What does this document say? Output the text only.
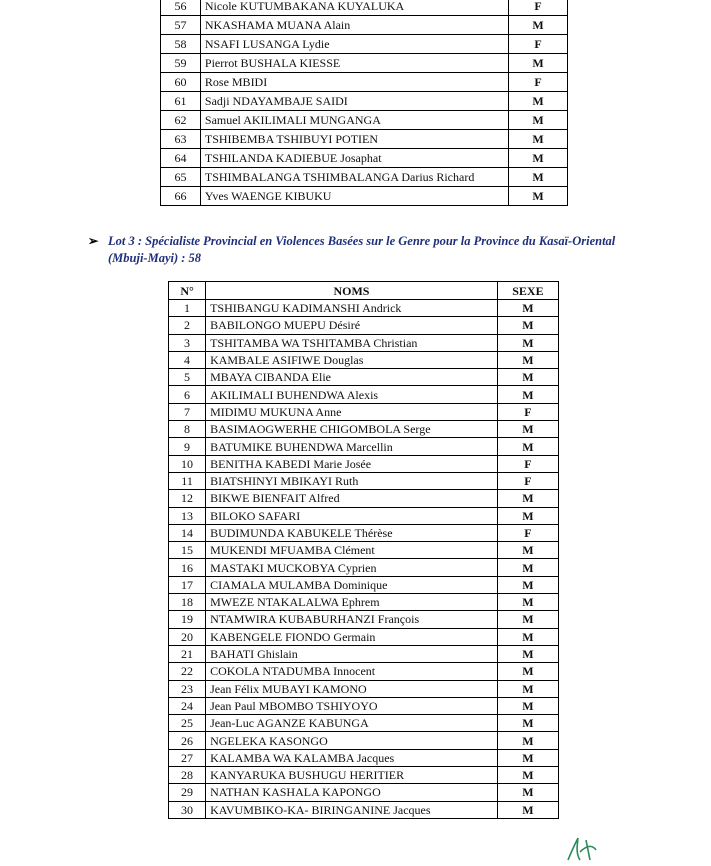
56	Nicole KUTUMBAKANA KUYALUKA	F
57	NKASHAMA MUANA Alain	M
58	NSAFI LUSANGA Lydie	F
59	Pierrot BUSHALA KIESSE	M
60	Rose MBIDI	F
61	Sadji NDAYAMBAJE SAIDI	M
62	Samuel AKILIMALI MUNGANGA	M
63	TSHIBEMBA TSHIBUYI POTIEN	M
64	TSHILANDA KADIEBUE Josaphat	M
65	TSHIMBALANGA TSHIMBALANGA Darius Richard	M
66	Yves WAENGE KIBUKU	M
➢ Lot 3 : Spécialiste Provincial en Violences Basées sur le Genre pour la Province du Kasaï-Oriental
(Mbuji-Mayi) : 58
N°	NOMS	SEXE
1	TSHIBANGU KADIMANSHI Andrick	M
2	BABILONGO MUEPU Désiré	M
3	TSHITAMBA WA TSHITAMBA Christian	M
4	KAMBALE ASIFIWE Douglas	M
5	MBAYA CIBANDA Elie	M
6	AKILIMALI BUHENDWA Alexis	M
7	MIDIMU MUKUNA Anne	F
8	BASIMAOGWERHE CHIGOMBOLA Serge	M
9	BATUMIKE BUHENDWA Marcellin	M
10	BENITHA KABEDI Marie Josée	F
11	BIATSHINYI MBIKAYI Ruth	F
12	BIKWE BIENFAIT Alfred	M
13	BILOKO SAFARI	M
14	BUDIMUNDA KABUKELE Thérèse	F
15	MUKENDI MFUAMBA Clément	M
16	MASTAKI MUCKOBYA Cyprien	M
17	CIAMALA MULAMBA Dominique	M
18	MWEZE NTAKALALWA Ephrem	M
19	NTAMWIRA KUBABURHANZI François	M
20	KABENGELE FIONDO Germain	M
21	BAHATI Ghislain	M
22	COKOLA NTADUMBA Innocent	M
23	Jean Félix MUBAYI KAMONO	M
24	Jean Paul MBOMBO TSHIYOYO	M
25	Jean-Luc AGANZE KABUNGA	M
26	NGELEKA KASONGO	M
27	KALAMBA WA KALAMBA Jacques	M
28	KANYARUKA BUSHUGU HERITIER	M
29	NATHAN KASHALA KAPONGO	M
30	KAVUMBIKO-KA- BIRINGANINE Jacques	M
